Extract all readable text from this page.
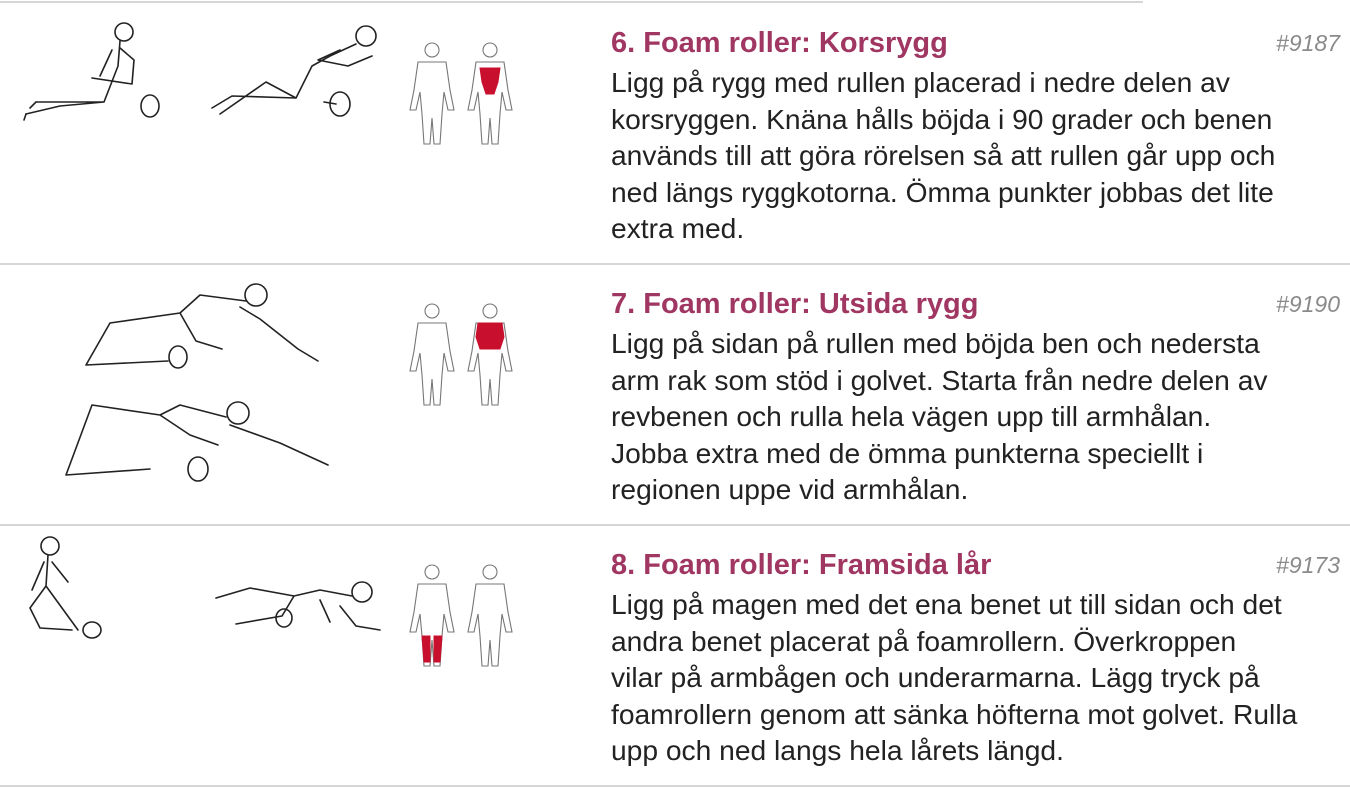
6. Foam roller: Korsrygg	#9187
Ligg på rygg med rullen placerad i nedre delen av
korsryggen. Knäna hålls böjda i 90 grader och benen
används till att göra rörelsen så att rullen går upp och
ned längs ryggkotorna. Ömma punkter jobbas det lite
extra med.
7. Foam roller: Utsida rygg	#9190
Ligg på sidan på rullen med böjda ben och nedersta
arm rak som stöd i golvet. Starta från nedre delen av
revbenen och rulla hela vägen upp till armhålan.
Jobba extra med de ömma punkterna speciellt i
regionen uppe vid armhålan.
8. Foam roller: Framsida lår	#9173
Ligg på magen med det ena benet ut till sidan och det
andra benet placerat på foamrollern. Överkroppen
vilar på armbågen och underarmarna. Lägg tryck på
foamrollern genom att sänka höfterna mot golvet. Rulla
upp och ned langs hela lårets längd.
